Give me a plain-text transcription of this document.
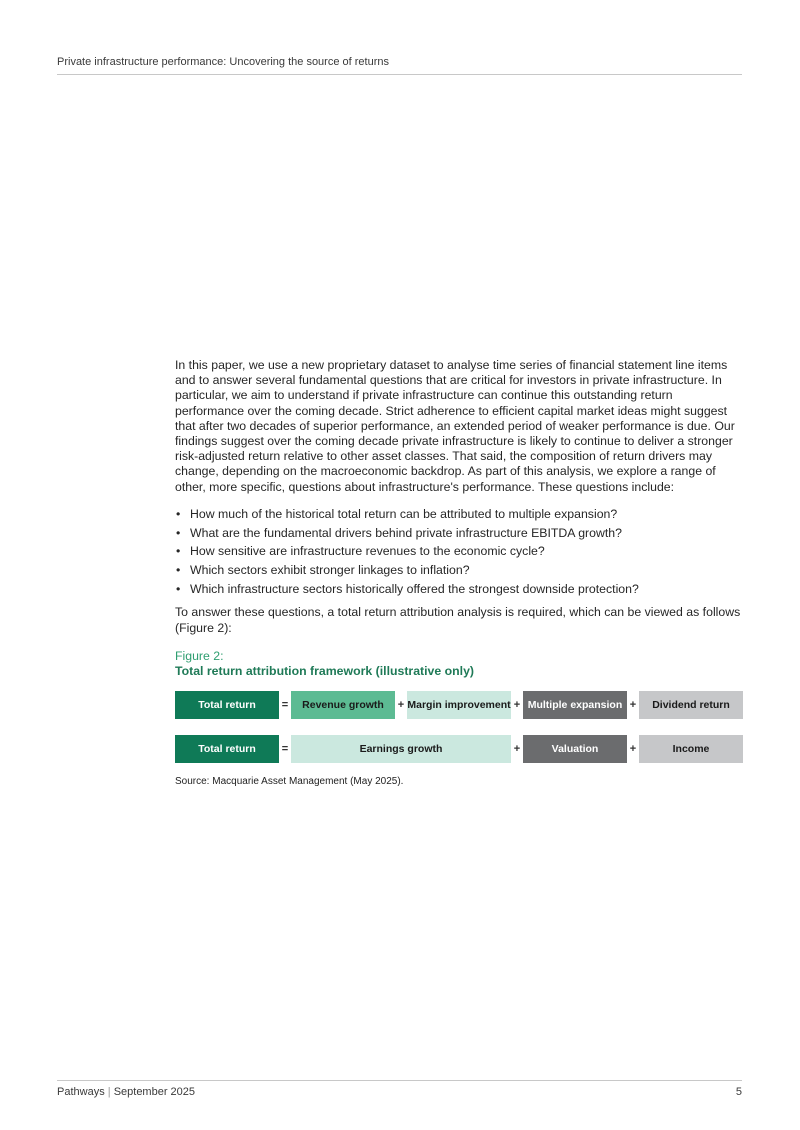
Private infrastructure performance: Uncovering the source of returns

In this paper, we use a new proprietary dataset to analyse time series of financial statement line items and to answer several fundamental questions that are critical for investors in private infrastructure. In particular, we aim to understand if private infrastructure can continue this outstanding return performance over the coming decade. Strict adherence to efficient capital market ideas might suggest that after two decades of superior performance, an extended period of weaker performance is due. Our findings suggest over the coming decade private infrastructure is likely to continue to deliver a stronger risk-adjusted return relative to other asset classes. That said, the composition of return drivers may change, depending on the macroeconomic backdrop. As part of this analysis, we explore a range of other, more specific, questions about infrastructure's performance. These questions include:

• How much of the historical total return can be attributed to multiple expansion?
• What are the fundamental drivers behind private infrastructure EBITDA growth?
• How sensitive are infrastructure revenues to the economic cycle?
• Which sectors exhibit stronger linkages to inflation?
• Which infrastructure sectors historically offered the strongest downside protection?

To answer these questions, a total return attribution analysis is required, which can be viewed as follows (Figure 2):

Figure 2:
Total return attribution framework (illustrative only)
Total return	=	Revenue growth	+ Margin improvement + Multiple expansion +	Dividend return
Total return	=	Earnings growth	+	Valuation	+	Income
Source: Macquarie Asset Management (May 2025).
Pathways | September 2025	5
